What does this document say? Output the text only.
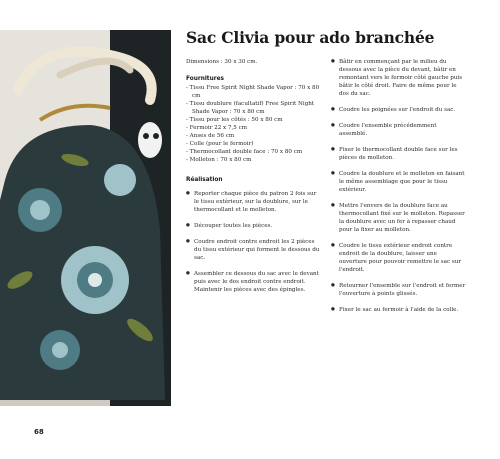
68
Sac Clivia pour ado branchée

Dimensions : 30 x 30 cm.

Fournitures
- Tissu Free Spirit Night Shade Vapor : 70 x 80 cm
- Tissu doublure (facultatif) Free Spirit Night Shade Vapor : 70 x 80 cm
- Tissu pour les côtés : 50 x 80 cm
- Fermoir 22 x 7,5 cm
- Anses de 56 cm
- Colle (pour le fermoir)
- Thermocollant double face : 70 x 80 cm
- Molleton : 70 x 80 cm
Réalisation
● Reporter chaque pièce du patron 2 fois sur le tissu extérieur, sur la doublure, sur le thermocollant et le molleton.
● Découper toutes les pièces.
● Coudre endroit contre endroit les 2 pièces du tissu extérieur qui forment le dessous du sac.
● Assembler ce dessous du sac avec le devant puis avec le dos endroit contre endroit. Maintenir les pièces avec des épingles.
● Bâtir en commençant par le milieu du dessous avec la pièce du devant, bâtir en remontant vers le fermoir côté gauche puis bâtir le côté droit. Faire de même pour le dos du sac.
● Coudre les poignées sur l'endroit du sac.
● Coudre l'ensemble précédemment assemblé.
● Fixer le thermocollant double face sur les pièces de molleton.
● Coudre la doublure et le molleton en faisant le même assemblage que pour le tissu extérieur.
● Mettre l'envers de la doublure face au thermocollant fixé sur le molleton. Repasser la doublure avec un fer à repasser chaud pour la fixer au molleton.
● Coudre le tissu extérieur endroit contre endroit de la doublure, laisser une ouverture pour pouvoir remettre le sac sur l'endroit.
● Retourner l'ensemble sur l'endroit et fermer l'ouverture à points glissés.
● Fixer le sac au fermoir à l'aide de la colle.
